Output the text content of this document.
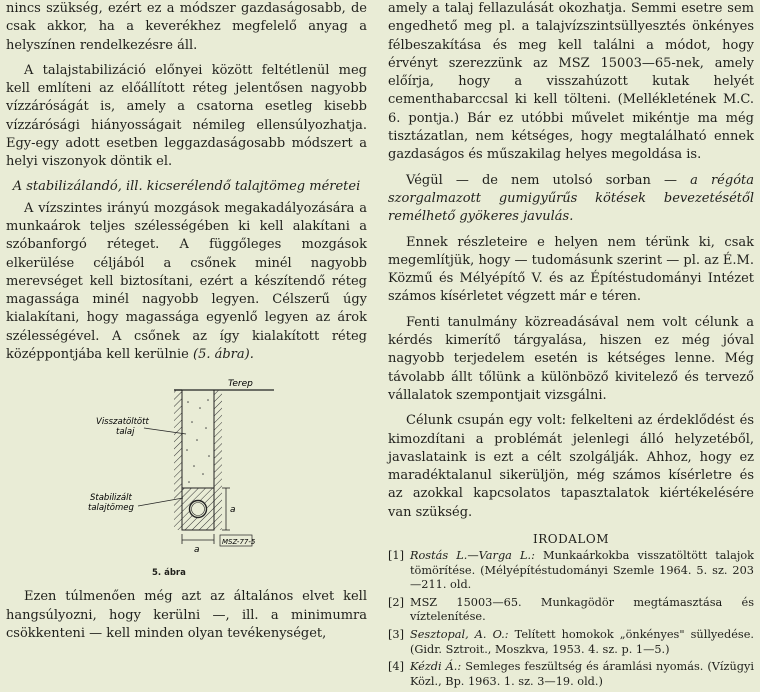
nincs szükség, ezért ez a módszer gazdaságosabb, de csak akkor, ha a keverékhez megfelelő anyag a helyszínen rendelkezésre áll.

A talajstabilizáció előnyei között feltétlenül meg kell említeni az előállított réteg jelentősen nagyobb vízzáróságát is, amely a csatorna esetleg kisebb vízzárósági hiányosságait némileg ellensúlyozhatja. Egy-egy adott esetben leggazdaságosabb módszert a helyi viszonyok döntik el.

A stabilizálandó, ill. kicserélendő talajtömeg méretei

A vízszintes irányú mozgások megakadályozására a munkaárok teljes szélességében ki kell alakítani a szóbanforgó réteget. A függőleges mozgások elkerülése céljából a csőnek minél nagyobb merevséget kell biztosítani, ezért a készítendő réteg magassága minél nagyobb legyen. Célszerű úgy kialakítani, hogy magassága egyenlő legyen az árok szélességével. A csőnek az így kialakított réteg középpontjába kell kerülnie (5. ábra).

Terep
Visszatöltött
talaj
Stabilizált
talajtömeg	a
a
MSZ-77-5
5. ábra

Ezen túlmenően még azt az általános elvet kell hangsúlyozni, hogy kerülni —, ill. a minimumra csökkenteni — kell minden olyan tevékenységet,

amely a talaj fellazulását okozhatja. Semmi esetre sem engedhető meg pl. a talajvízszintsüllyesztés önkényes félbeszakítása és meg kell találni a módot, hogy érvényt szerezzünk az MSZ 15003—65-nek, amely előírja, hogy a visszahúzott kutak helyét cementhabarccsal ki kell tölteni. (Mellékletének M.C. 6. pontja.) Bár ez utóbbi művelet mikéntje ma még tisztázatlan, nem kétséges, hogy megtalálható ennek gazdaságos és műszakilag helyes megoldása is.

Végül — de nem utolsó sorban — a régóta szorgalmazott gumigyűrűs kötések bevezetésétől remélhető gyökeres javulás.

Ennek részleteire e helyen nem térünk ki, csak megemlítjük, hogy — tudomásunk szerint — pl. az É.M. Közmű és Mélyépítő V. és az Építéstudományi Intézet számos kísérletet végzett már e téren.

Fenti tanulmány közreadásával nem volt célunk a kérdés kimerítő tárgyalása, hiszen ez még jóval nagyobb terjedelem esetén is kétséges lenne. Még távolabb állt tőlünk a különböző kivitelező és tervező vállalatok szempontjait vizsgálni.

Célunk csupán egy volt: felkelteni az érdeklődést és kimozdítani a problémát jelenlegi álló helyzetéből, javaslataink is ezt a célt szolgálják. Ahhoz, hogy ez maradéktalanul sikerüljön, még számos kísérletre és az azokkal kapcsolatos tapasztalatok kiértékelésére van szükség.

IRODALOM
[1] Rostás L.—Varga L.: Munkaárkokba visszatöltött talajok tömörítése. (Mélyépítéstudományi Szemle 1964. 5. sz. 203—211. old.
[2] MSZ 15003—65. Munkagödör megtámasztása és víztelenítése.
[3] Sesztopal, A. O.: Telített homokok „önkényes" süllyedése. (Gidr. Sztroit., Moszkva, 1953. 4. sz. p. 1—5.)
[4] Kézdi Á.: Semleges feszültség és áramlási nyomás. (Vízügyi Közl., Bp. 1963. 1. sz. 3—19. old.)
